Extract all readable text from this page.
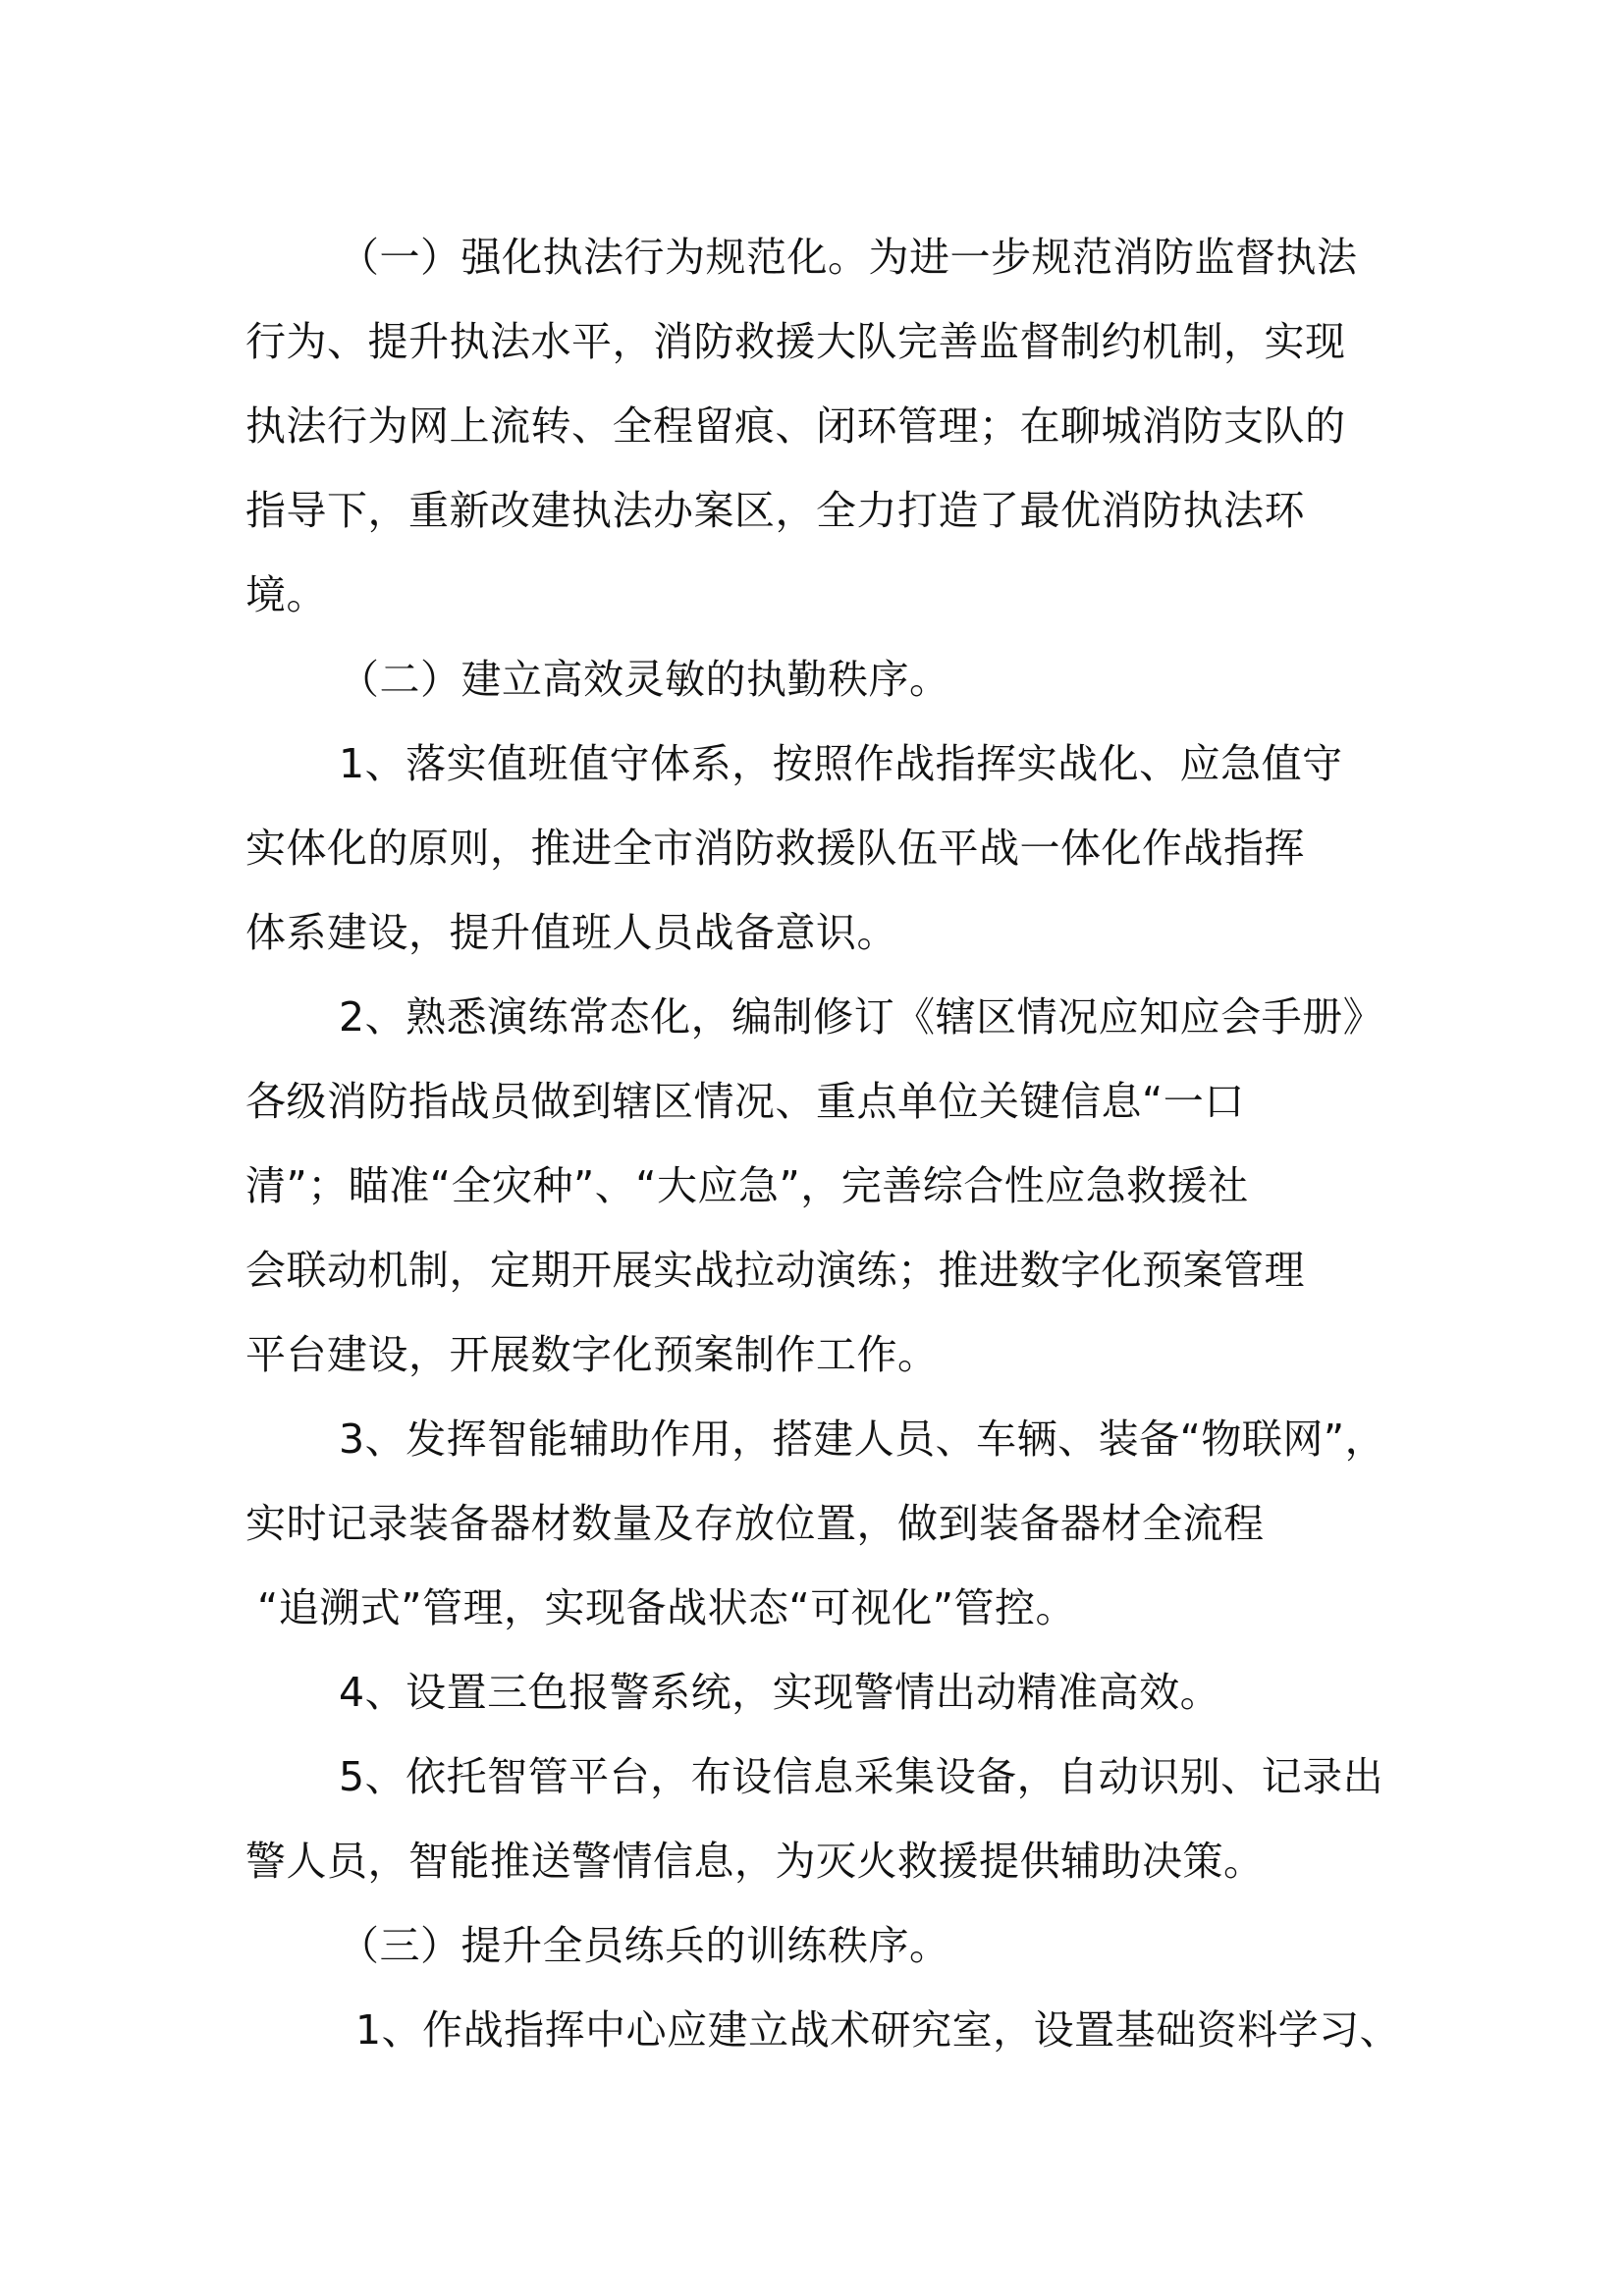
（一）强化执法行为规范化。为进一步规范消防监督执法
行为、提升执法水平，消防救援大队完善监督制约机制，实现
执法行为网上流转、全程留痕、闭环管理；在聊城消防支队的
指导下，重新改建执法办案区，全力打造了最优消防执法环
境。
（二）建立高效灵敏的执勤秩序。
1、落实值班值守体系，按照作战指挥实战化、应急值守
实体化的原则，推进全市消防救援队伍平战一体化作战指挥
体系建设，提升值班人员战备意识。
2、熟悉演练常态化，编制修订《辖区情况应知应会手册》
各级消防指战员做到辖区情况、重点单位关键信息“一口
清”；瞄准“全灾种”、“大应急”，完善综合性应急救援社
会联动机制，定期开展实战拉动演练；推进数字化预案管理
平台建设，开展数字化预案制作工作。
3、发挥智能辅助作用，搭建人员、车辆、装备“物联网”，
实时记录装备器材数量及存放位置，做到装备器材全流程
“追溯式”管理，实现备战状态“可视化”管控。
4、设置三色报警系统，实现警情出动精准高效。
5、依托智管平台，布设信息采集设备，自动识别、记录出
警人员，智能推送警情信息，为灭火救援提供辅助决策。
（三）提升全员练兵的训练秩序。
1、作战指挥中心应建立战术研究室，设置基础资料学习、
